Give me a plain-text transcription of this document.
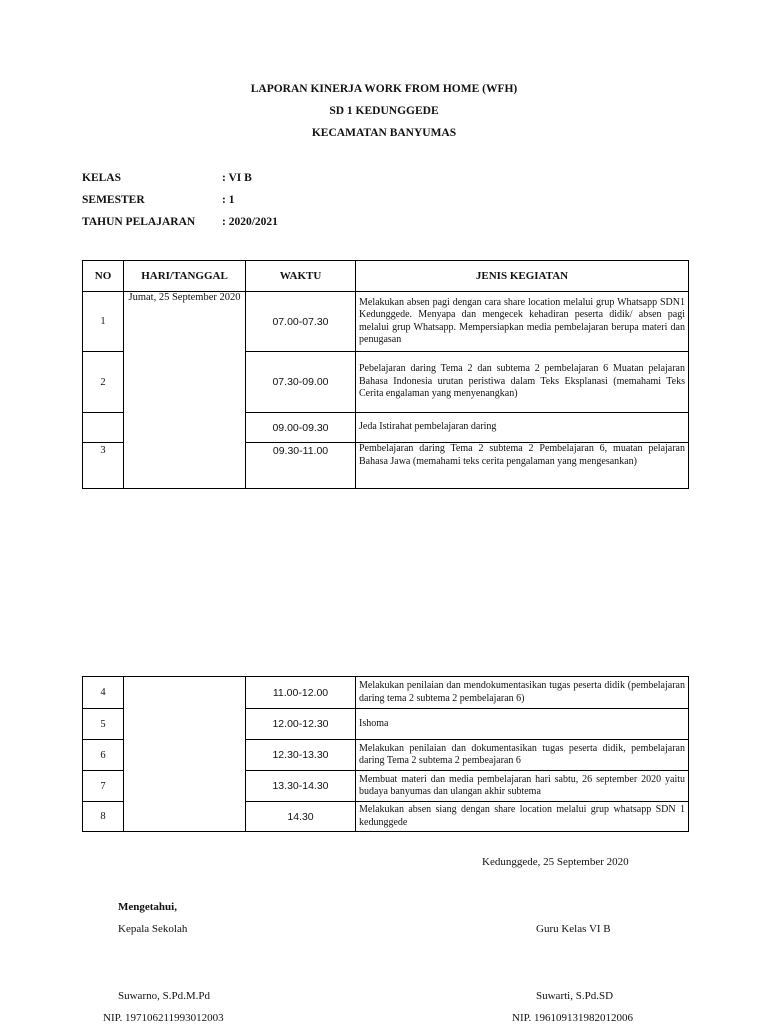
LAPORAN KINERJA WORK FROM HOME (WFH)
SD 1 KEDUNGGEDE
KECAMATAN BANYUMAS
KELAS	: VI B
SEMESTER	: 1
TAHUN PELAJARAN : 2020/2021
NO	HARI/TANGGAL	WAKTU	JENIS KEGIATAN
1	Jumat, 25 September 2020	07.00-07.30	Melakukan absen pagi dengan cara share location melalui grup Whatsapp SDN1 Kedunggede. Menyapa dan mengecek kehadiran peserta didik/ absen pagi melalui grup Whatsapp. Mempersiapkan media pembelajaran berupa materi dan penugasan
2		07.30-09.00	Pebelajaran daring Tema 2 dan subtema 2 pembelajaran 6 Muatan pelajaran Bahasa Indonesia urutan peristiwa dalam Teks Eksplanasi (memahami Teks Cerita engalaman yang menyenangkan)
		09.00-09.30	Jeda Istirahat pembelajaran daring
3		09.30-11.00	Pembelajaran daring Tema 2 subtema 2 Pembelajaran 6, muatan pelajaran Bahasa Jawa (memahami teks cerita pengalaman yang mengesankan)
4		11.00-12.00	Melakukan penilaian dan mendokumentasikan tugas peserta didik (pembelajaran daring tema 2 subtema 2 pembelajaran 6)
5		12.00-12.30	Ishoma
6		12.30-13.30	Melakukan penilaian dan dokumentasikan tugas peserta didik, pembelajaran daring Tema 2 subtema 2 pembeajaran 6
7		13.30-14.30	Membuat materi dan media pembelajaran hari sabtu, 26 september 2020 yaitu budaya banyumas dan ulangan akhir subtema
8		14.30	Melakukan absen siang dengan share location melalui grup whatsapp SDN 1 kedunggede
Kedunggede, 25 September 2020
Mengetahui,
Kepala Sekolah	Guru Kelas VI B
Suwarno, S.Pd.M.Pd
NIP. 197106211993012003
Suwarti, S.Pd.SD
NIP. 196109131982012006
